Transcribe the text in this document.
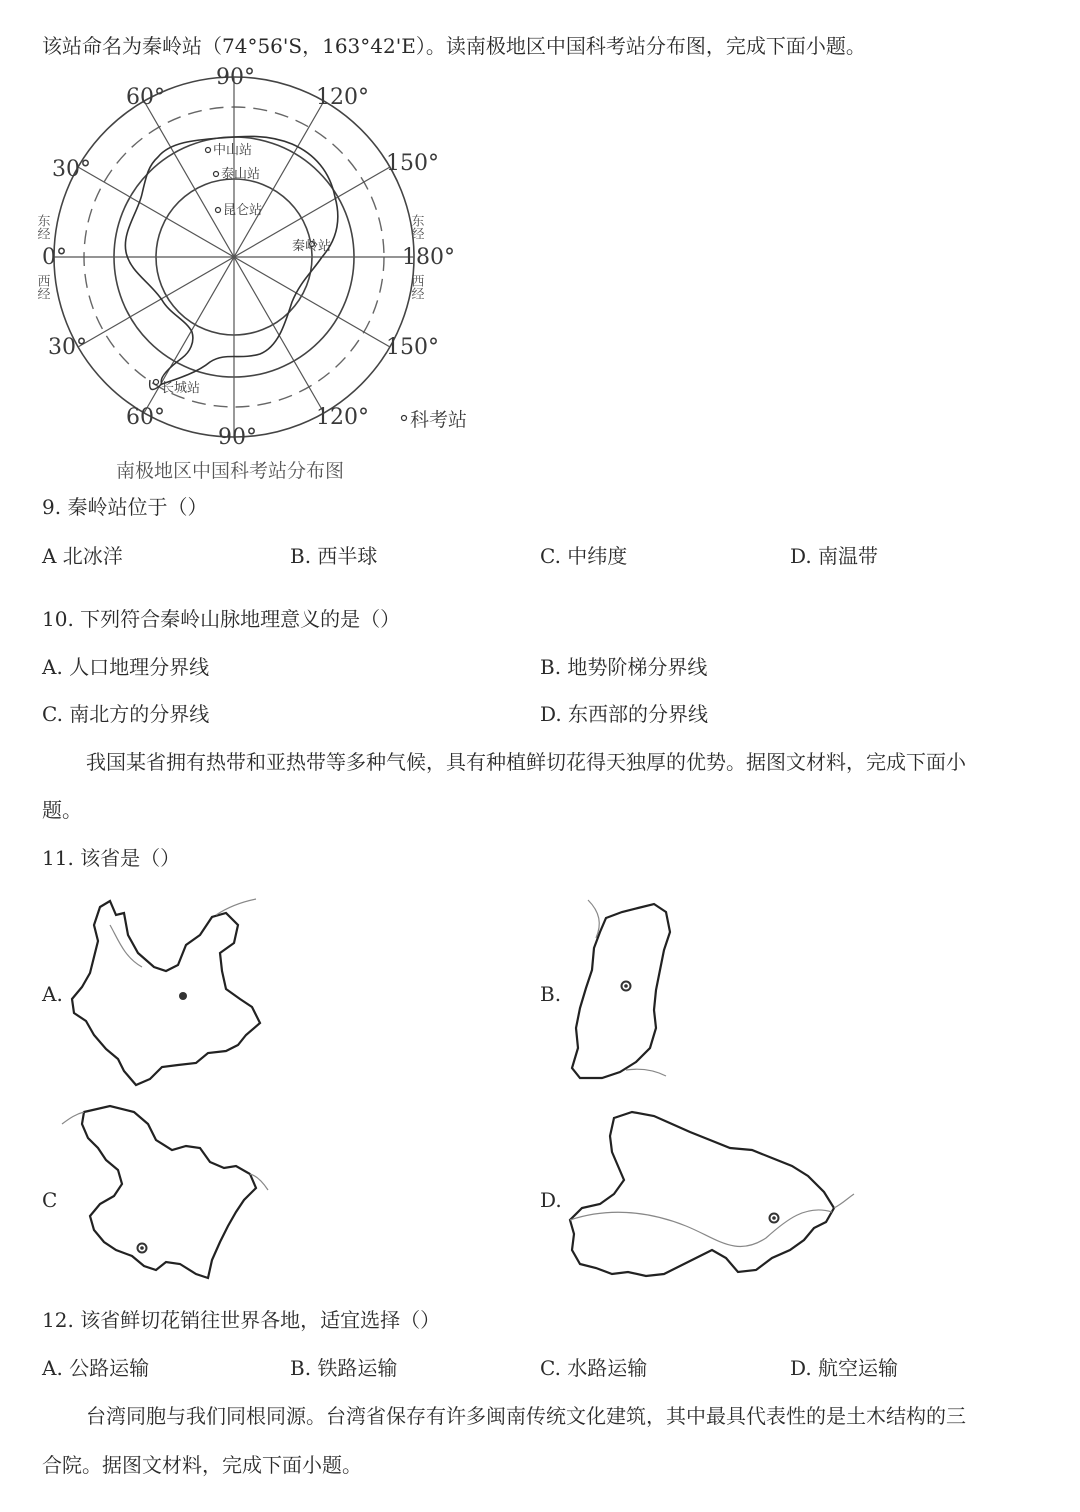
该站命名为秦岭站（74°56'S，163°42'E）。读南极地区中国科考站分布图，完成下面小题。
中山站
泰山站
昆仑站
秦岭站
长城站
90°
60°	120°
30°	150°
0°	180°
30°	150°
60°	120°
90°
东经
西经
东经
西经
科考站
南极地区中国科考站分布图
9. 秦岭站位于（）
A 北冰洋	B. 西半球	C. 中纬度	D. 南温带
10. 下列符合秦岭山脉地理意义的是（）
A. 人口地理分界线	B. 地势阶梯分界线
C. 南北方的分界线	D. 东西部的分界线
我国某省拥有热带和亚热带等多种气候，具有种植鲜切花得天独厚的优势。据图文材料，完成下面小
题。
11. 该省是（）
A.	B.
C	D.
12. 该省鲜切花销往世界各地，适宜选择（）
A. 公路运输	B. 铁路运输	C. 水路运输	D. 航空运输
台湾同胞与我们同根同源。台湾省保存有许多闽南传统文化建筑，其中最具代表性的是土木结构的三
合院。据图文材料，完成下面小题。
